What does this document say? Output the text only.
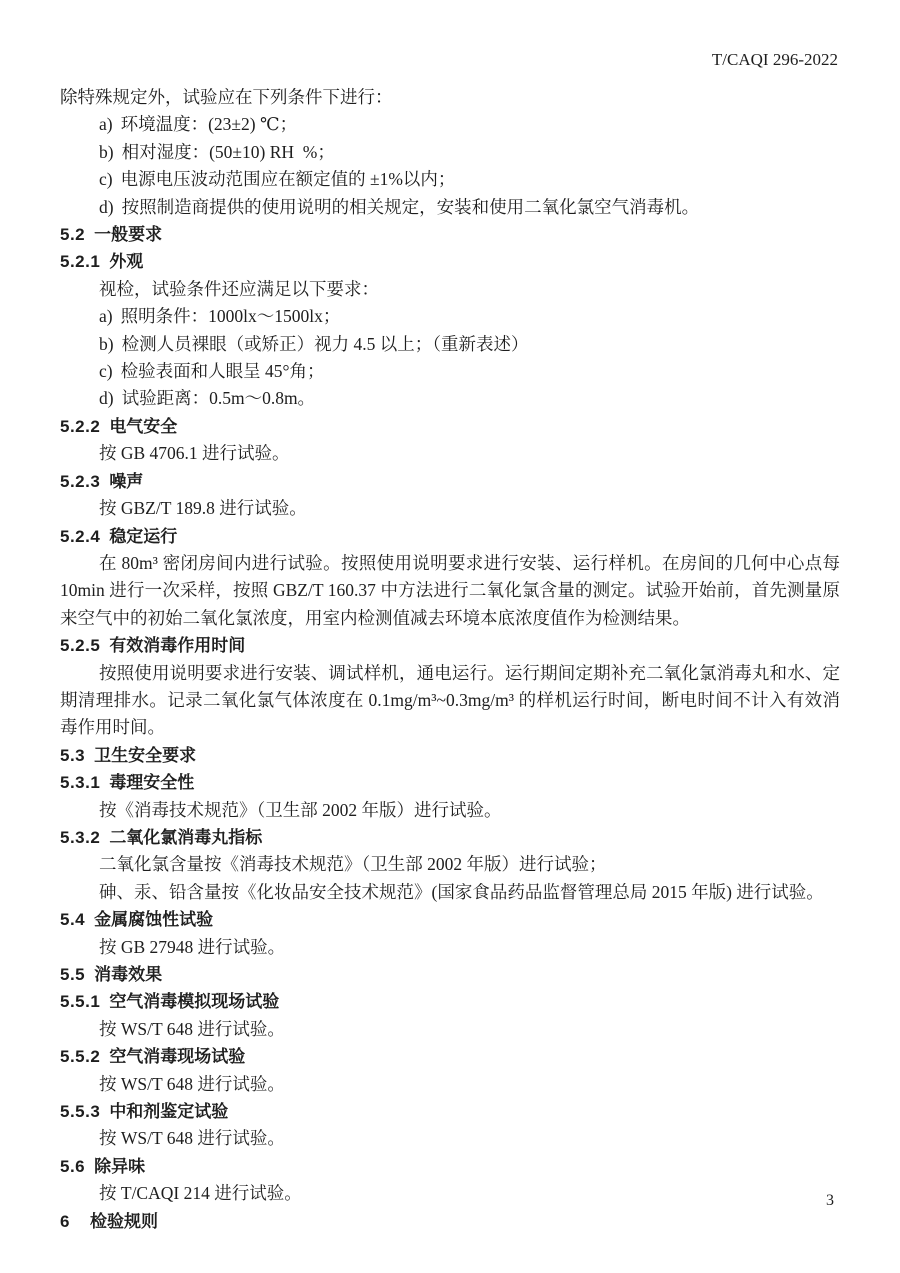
T/CAQI 296-2022

除特殊规定外，试验应在下列条件下进行：

a) 环境温度：(23±2) ℃；
b) 相对湿度：(50±10) RH  %；
c) 电源电压波动范围应在额定值的 ±1%以内；
d) 按照制造商提供的使用说明的相关规定，安装和使用二氧化氯空气消毒机。
5.2 一般要求
5.2.1 外观

视检，试验条件还应满足以下要求：

a) 照明条件：1000lx～1500lx；
b) 检测人员裸眼（或矫正）视力 4.5 以上；（重新表述）
c) 检验表面和人眼呈 45°角；
d) 试验距离：0.5m～0.8m。
5.2.2 电气安全

按 GB 4706.1 进行试验。

5.2.3 噪声

按 GBZ/T 189.8 进行试验。

5.2.4 稳定运行

在 80m³ 密闭房间内进行试验。按照使用说明要求进行安装、运行样机。在房间的几何中心点每 10min 进行一次采样，按照 GBZ/T 160.37 中方法进行二氧化氯含量的测定。试验开始前，首先测量原来空气中的初始二氧化氯浓度，用室内检测值减去环境本底浓度值作为检测结果。

5.2.5 有效消毒作用时间

按照使用说明要求进行安装、调试样机，通电运行。运行期间定期补充二氧化氯消毒丸和水、定期清理排水。记录二氧化氯气体浓度在 0.1mg/m³~0.3mg/m³ 的样机运行时间，断电时间不计入有效消毒作用时间。

5.3 卫生安全要求
5.3.1 毒理安全性

按《消毒技术规范》（卫生部 2002 年版）进行试验。

5.3.2 二氧化氯消毒丸指标

二氧化氯含量按《消毒技术规范》（卫生部 2002 年版）进行试验；

砷、汞、铅含量按《化妆品安全技术规范》(国家食品药品监督管理总局 2015 年版) 进行试验。

5.4 金属腐蚀性试验

按 GB 27948 进行试验。

5.5 消毒效果
5.5.1 空气消毒模拟现场试验

按 WS/T 648 进行试验。

5.5.2 空气消毒现场试验

按 WS/T 648 进行试验。

5.5.3 中和剂鉴定试验

按 WS/T 648 进行试验。

5.6 除异味

按 T/CAQI 214 进行试验。

6 检验规则
3
